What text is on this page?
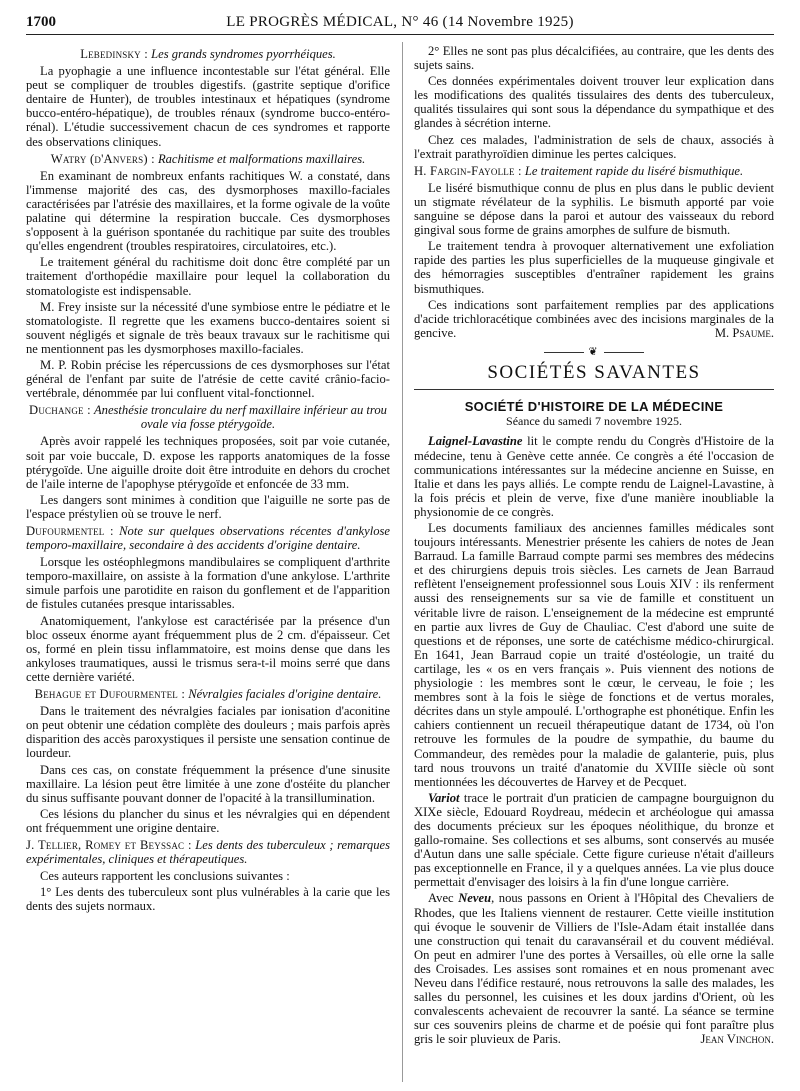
1700	LE PROGRÈS MÉDICAL, N° 46 (14 Novembre 1925)

Lebedinsky : Les grands syndromes pyorrhéiques.

La pyophagie a une influence incontestable sur l'état général. Elle peut se compliquer de troubles digestifs. (gastrite septique d'orifice dentaire de Hunter), de troubles intestinaux et hépatiques (syndrome bucco-entéro-hépatique), de troubles rénaux (syndrome bucco-entéro-rénal). L'étudie successivement chacun de ces syndromes et rapporte des observations cliniques.

Watry (d'Anvers) : Rachitisme et malformations maxillaires.

En examinant de nombreux enfants rachitiques W. a constaté, dans l'immense majorité des cas, des dysmorphoses maxillo-faciales caractérisées par l'atrésie des maxillaires, et la forme ogivale de la voûte palatine qui détermine la respiration buccale. Ces dysmorphoses s'opposent à la guérison spontanée du rachitique par suite des troubles qu'elles engendrent (troubles respiratoires, circulatoires, etc.).

Le traitement général du rachitisme doit donc être complété par un traitement d'orthopédie maxillaire pour lequel la collaboration du stomatologiste est indispensable.

M. Frey insiste sur la nécessité d'une symbiose entre le pédiatre et le stomatologiste. Il regrette que les examens bucco-dentaires soient si souvent négligés et signale de très beaux travaux sur le rachitisme qui ne mentionnent pas les dysmorphoses maxillo-faciales.

M. P. Robin précise les répercussions de ces dysmorphoses sur l'état général de l'enfant par suite de l'atrésie de cette cavité crânio-facio-vertébrale, dénommée par lui confluent vital-fonctionnel.

Duchange : Anesthésie tronculaire du nerf maxillaire inférieur au trou ovale via fosse ptérygoïde.

Après avoir rappelé les techniques proposées, soit par voie cutanée, soit par voie buccale, D. expose les rapports anatomiques de la fosse ptérygoïde. Une aiguille droite doit être introduite en dehors du crochet de l'aile interne de l'apophyse ptérygoïde et enfoncée de 33 mm.

Les dangers sont minimes à condition que l'aiguille ne sorte pas de l'espace préstylien où se trouve le nerf.

Dufourmentel : Note sur quelques observations récentes d'ankylose temporo-maxillaire, secondaire à des accidents d'origine dentaire.

Lorsque les ostéophlegmons mandibulaires se compliquent d'arthrite temporo-maxillaire, on assiste à la formation d'une ankylose. L'arthrite simule parfois une parotidite en raison du gonflement et de l'apparition de fistules cutanées presque intarissables.

Anatomiquement, l'ankylose est caractérisée par la présence d'un bloc osseux énorme ayant fréquemment plus de 2 cm. d'épaisseur. Cet os, formé en plein tissu inflammatoire, est moins dense que dans les ankyloses traumatiques, aussi le trismus sera-t-il moins serré que dans cette dernière variété.

Behague et Dufourmentel : Névralgies faciales d'origine dentaire.

Dans le traitement des névralgies faciales par ionisation d'aconitine on peut obtenir une cédation complète des douleurs ; mais parfois après disparition des accès paroxystiques il persiste une sensation continue de lourdeur.

Dans ces cas, on constate fréquemment la présence d'une sinusite maxillaire. La lésion peut être limitée à une zone d'ostéite du plancher du sinus suffisante pouvant donner de l'opacité à la transillumination.

Ces lésions du plancher du sinus et les névralgies qui en dépendent ont fréquemment une origine dentaire.

J. Tellier, Romey et Beyssac : Les dents des tuberculeux ; remarques expérimentales, cliniques et thérapeutiques.

Ces auteurs rapportent les conclusions suivantes :

1° Les dents des tuberculeux sont plus vulnérables à la carie que les dents des sujets normaux.

2° Elles ne sont pas plus décalcifiées, au contraire, que les dents des sujets sains.

Ces données expérimentales doivent trouver leur explication dans les modifications des qualités tissulaires des dents des tuberculeux, qualités tissulaires qui sont sous la dépendance du sympathique et des glandes à sécrétion interne.

Chez ces malades, l'administration de sels de chaux, associés à l'extrait parathyroïdien diminue les pertes calciques.

H. Fargin-Fayolle : Le traitement rapide du liséré bismuthique.

Le liséré bismuthique connu de plus en plus dans le public devient un stigmate révélateur de la syphilis. Le bismuth apporté par voie sanguine se dépose dans la paroi et autour des vaisseaux du rebord gingival sous forme de grains amorphes de sulfure de bismuth.

Le traitement tendra à provoquer alternativement une exfoliation rapide des parties les plus superficielles de la muqueuse gingivale et des hémorragies susceptibles d'entraîner rapidement les grains bismuthiques.

Ces indications sont parfaitement remplies par des applications d'acide trichloracétique combinées avec des incisions marginales de la gencive.	M. Psaume.

❦
SOCIÉTÉS SAVANTES
SOCIÉTÉ D'HISTOIRE DE LA MÉDECINE
Séance du samedi 7 novembre 1925.

Laignel-Lavastine lit le compte rendu du Congrès d'Histoire de la médecine, tenu à Genève cette année. Ce congrès a été l'occasion de communications intéressantes sur la médecine ancienne en Suisse, en Italie et dans les pays alliés. Le compte rendu de Laignel-Lavastine, à la fois précis et plein de verve, fixe d'une manière inoubliable la physionomie de ce congrès.

Les documents familiaux des anciennes familles médicales sont toujours intéressants. Menestrier présente les cahiers de notes de Jean Barraud. La famille Barraud compte parmi ses membres des médecins et des chirurgiens depuis trois siècles. Les carnets de Jean Barraud reflètent l'enseignement professionnel sous Louis XIV : ils renferment aussi des renseignements sur sa vie de famille et constituent un véritable livre de raison. L'enseignement de la médecine est emprunté en partie aux livres de Guy de Chauliac. C'est d'abord une suite de questions et de réponses, une sorte de catéchisme médico-chirurgical. En 1641, Jean Barraud copie un traité d'ostéologie, un traité du cartilage, les « os en vers français ». Puis viennent des notions de physiologie : les membres sont le cœur, le cerveau, le foie ; les membres sont à la fois le siège de fonctions et de vertus morales, décrites dans un style ampoulé. L'orthographe est phonétique. Enfin les cahiers contiennent un recueil thérapeutique datant de 1734, où l'on retrouve les formules de la poudre de sympathie, du baume du Commandeur, des remèdes pour la maladie de galanterie, puis, plus tard nous trouvons un traité d'anatomie du XVIIIe siècle où sont mentionnées les découvertes de Harvey et de Pecquet.

Variot trace le portrait d'un praticien de campagne bourguignon du XIXe siècle, Edouard Roydreau, médecin et archéologue qui amassa des documents précieux sur les époques néolithique, du bronze et gallo-romaine. Ses collections et ses albums, sont conservés au musée d'Autun dans une salle spéciale. Cette figure curieuse n'était d'ailleurs pas exceptionnelle en France, il y a quelques années. La vie plus douce permettait d'envisager des loisirs à la fin d'une longue carrière.

Avec Neveu, nous passons en Orient à l'Hôpital des Chevaliers de Rhodes, que les Italiens viennent de restaurer. Cette vieille institution qui évoque le souvenir de Villiers de l'Isle-Adam était installée dans une construction qui tenait du caravansérail et du couvent médiéval. On peut en admirer l'une des portes à Versailles, où elle orne la salle des Croisades. Les assises sont romaines et en nous promenant avec Neveu dans l'édifice restauré, nous retrouvons la salle des malades, les salles du personnel, les cuisines et les doux jardins d'Orient, où les convalescents achevaient de recouvrer la santé. La séance se termine sur ces souvenirs pleins de charme et de poésie qui font paraître plus gris le soir pluvieux de Paris.	Jean Vinchon.
